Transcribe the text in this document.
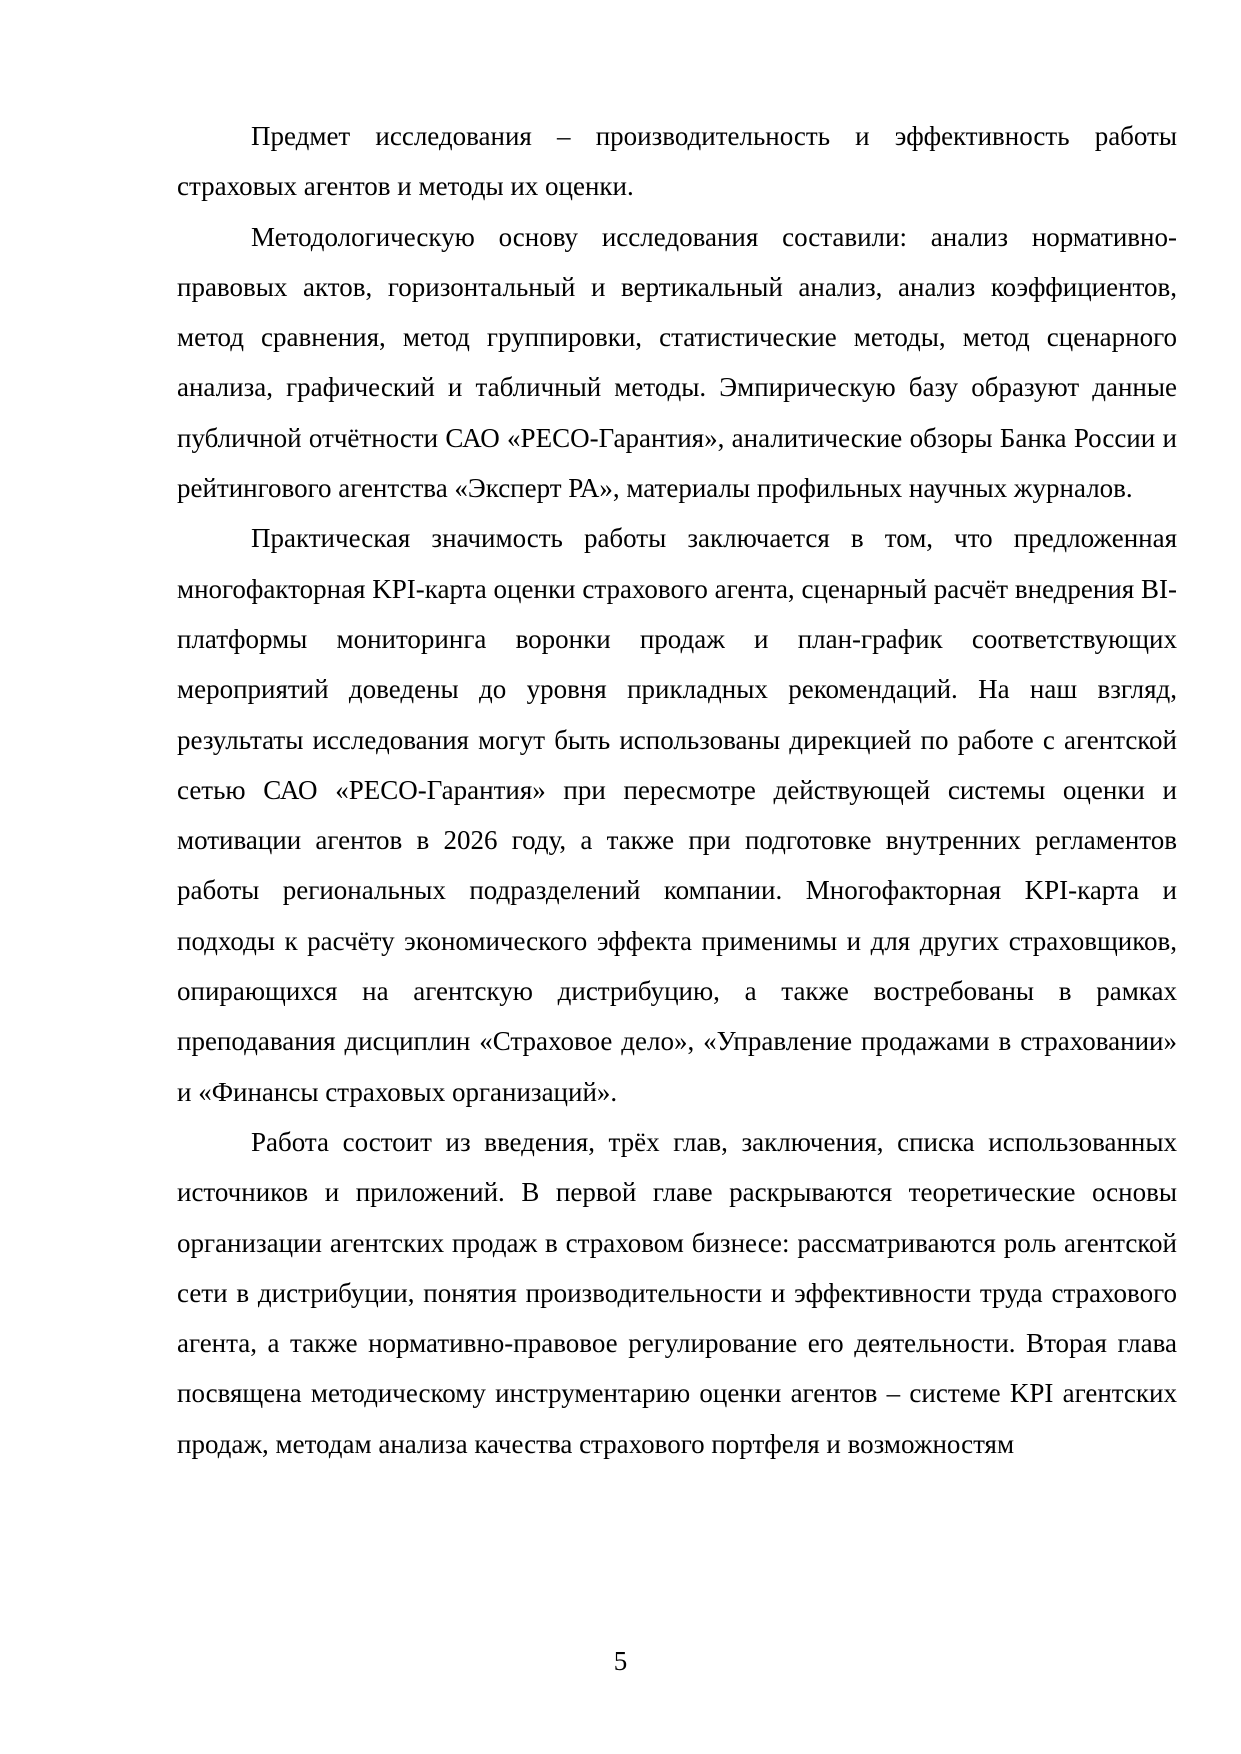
Предмет исследования – производительность и эффективность работы страховых агентов и методы их оценки.

Методологическую основу исследования составили: анализ нормативно-правовых актов, горизонтальный и вертикальный анализ, анализ коэффициентов, метод сравнения, метод группировки, статистические методы, метод сценарного анализа, графический и табличный методы. Эмпирическую базу образуют данные публичной отчётности САО «РЕСО-Гарантия», аналитические обзоры Банка России и рейтингового агентства «Эксперт РА», материалы профильных научных журналов.

Практическая значимость работы заключается в том, что предложенная многофакторная KPI-карта оценки страхового агента, сценарный расчёт внедрения BI-платформы мониторинга воронки продаж и план-график соответствующих мероприятий доведены до уровня прикладных рекомендаций. На наш взгляд, результаты исследования могут быть использованы дирекцией по работе с агентской сетью САО «РЕСО-Гарантия» при пересмотре действующей системы оценки и мотивации агентов в 2026 году, а также при подготовке внутренних регламентов работы региональных подразделений компании. Многофакторная KPI-карта и подходы к расчёту экономического эффекта применимы и для других страховщиков, опирающихся на агентскую дистрибуцию, а также востребованы в рамках преподавания дисциплин «Страховое дело», «Управление продажами в страховании» и «Финансы страховых организаций».

Работа состоит из введения, трёх глав, заключения, списка использованных источников и приложений. В первой главе раскрываются теоретические основы организации агентских продаж в страховом бизнесе: рассматриваются роль агентской сети в дистрибуции, понятия производительности и эффективности труда страхового агента, а также нормативно-правовое регулирование его деятельности. Вторая глава посвящена методическому инструментарию оценки агентов – системе KPI агентских продаж, методам анализа качества страхового портфеля и возможностям

5
